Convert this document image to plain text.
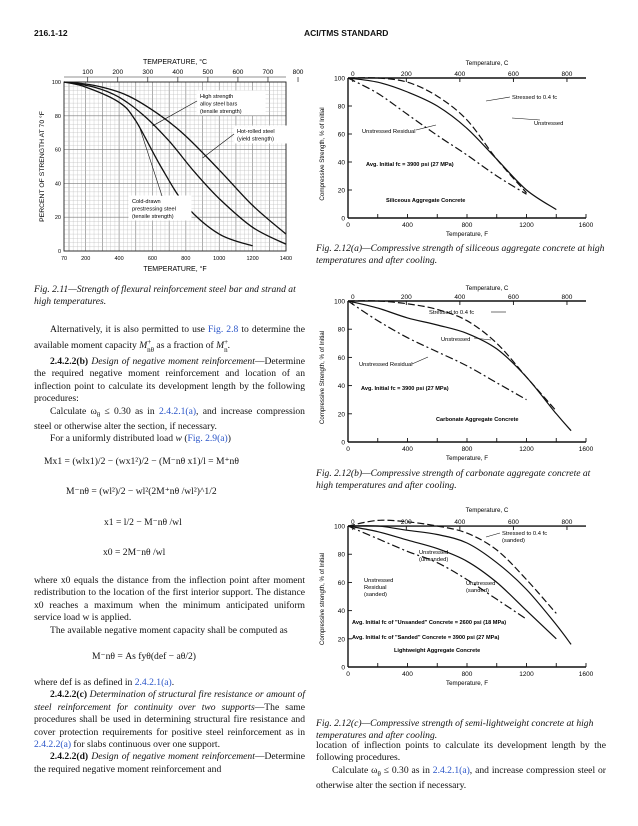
216.1-12	ACI/TMS STANDARD
70	200	400	600	800	1000	1200	1400
100	200	300	400	500	600	700	800
0
20
40
60
80
100
TEMPERATURE, °C
TEMPERATURE, °F
PERCENT OF STRENGTH AT 70 °F
High strength
alloy steel bars
(tensile strength)
Hot-rolled steel
(yield strength)
Cold-drawn
prestressing steel
(tensile strength)
Fig. 2.11—Strength of flexural reinforcement steel bar and strand at high temperatures.
0	400	800	1200	1600
0	200	400	600	800
0
20
40
60
80
100
Temperature, C
Temperature, F
Compressive Strength, % of Initial
Stressed to 0.4 fc
Unstressed
Unstressed Residual
Avg. Initial fc = 3900 psi (27 MPa)
Siliceous Aggregate Concrete
Fig. 2.12(a)—Compressive strength of siliceous aggregate concrete at high temperatures and after cooling.
0	400	800	1200	1600
0	200	400	600	800
0
20
40
60
80
100
Temperature, C
Temperature, F
Compressive Strength, % of Initial
Stressed to 0.4 fc
Unstressed
Unstressed Residual
Avg. Initial fc = 3900 psi (27 MPa)
Carbonate Aggregate Concrete
Fig. 2.12(b)—Compressive strength of carbonate aggregate concrete at high temperatures and after cooling.
0	400	800	1200	1600
0	200	400	600	800
0
20
40
60
80
100
Temperature, C
Temperature, F
Compressive strength, % of Initial
Stressed to 0.4 fc
(sanded)
Unstressed
(unsanded)
Unstressed
(sanded)
Unstressed
Residual
(sanded)
Avg. Initial fc of "Unsanded" Concrete = 2600 psi (18 MPa)
Avg. Initial fc of "Sanded" Concrete = 3900 psi (27 MPa)
Lightweight Aggregate Concrete
Fig. 2.12(c)—Compressive strength of semi-lightweight concrete at high temperatures and after cooling.

Alternatively, it is also permitted to use Fig. 2.8 to determine the available moment capacity $M^+_{n\theta}$ as a fraction of $M^+_n$.

2.4.2.2(b) Design of negative moment reinforcement—Determine the required negative moment reinforcement and location of an inflection point to calculate its development length by the following procedures:

Calculate $\omega_\theta \le 0.30$ as in 2.4.2.1(a), and increase compression steel or otherwise alter the section, if necessary.

For a uniformly distributed load w (Fig. 2.9(a))

Mx1 = (wlx1)/2 − (wx1²)/2 − (M⁻nθ x1)/l = M⁺nθ
M⁻nθ = (wl²)/2 − wl²(2M⁺nθ /wl²)^1/2
x1 = l/2 − M⁻nθ /wl
x0 = 2M⁻nθ /wl

where x0 equals the distance from the inflection point after moment redistribution to the location of the first interior support. The distance x0 reaches a maximum when the minimum anticipated uniform service load w is applied.

The available negative moment capacity shall be computed as

M⁻nθ = As fyθ(def − aθ/2)

where def is as defined in 2.4.2.1(a).

2.4.2.2(c) Determination of structural fire resistance or amount of steel reinforcement for continuity over two supports—The same procedures shall be used in determining structural fire resistance and cover protection requirements for positive steel reinforcement as in 2.4.2.2(a) for slabs continuous over one support.

2.4.2.2(d) Design of negative moment reinforcement—Determine the required negative moment reinforcement and

location of inflection points to calculate its development length by the following procedures.

Calculate $\omega_\theta \le 0.30$ as in 2.4.2.1(a), and increase compression steel or otherwise alter the section if necessary.
